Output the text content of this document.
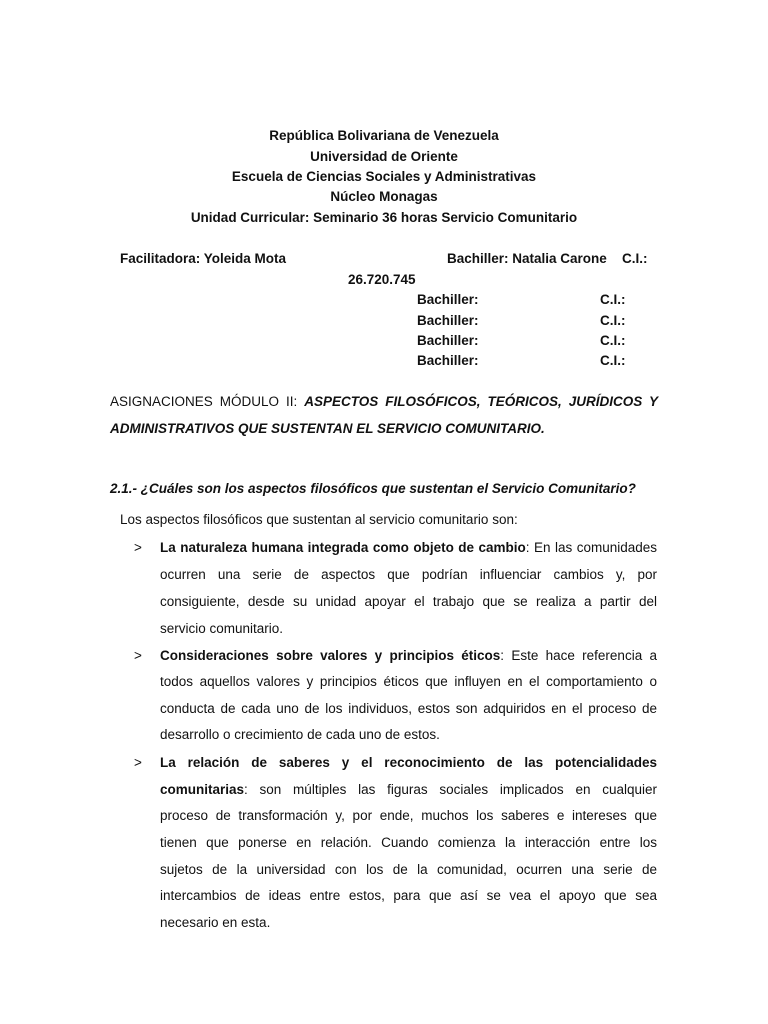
República Bolivariana de Venezuela
Universidad de Oriente
Escuela de Ciencias Sociales y Administrativas
Núcleo Monagas
Unidad Curricular: Seminario 36 horas Servicio Comunitario
Facilitadora: Yoleida Mota	Bachiller: Natalia Carone C.I.:
26.720.745
Bachiller:	C.I.:
Bachiller:	C.I.:
Bachiller:	C.I.:
Bachiller:	C.I.:
ASIGNACIONES MÓDULO II: ASPECTOS FILOSÓFICOS, TEÓRICOS, JURÍDICOS Y
ADMINISTRATIVOS QUE SUSTENTAN EL SERVICIO COMUNITARIO.
2.1.- ¿Cuáles son los aspectos filosóficos que sustentan el Servicio Comunitario?
Los aspectos filosóficos que sustentan al servicio comunitario son:
> La naturaleza humana integrada como objeto de cambio: En las comunidades
ocurren una serie de aspectos que podrían influenciar cambios y, por
consiguiente, desde su unidad apoyar el trabajo que se realiza a partir del
servicio comunitario.
> Consideraciones sobre valores y principios éticos: Este hace referencia a
todos aquellos valores y principios éticos que influyen en el comportamiento o
conducta de cada uno de los individuos, estos son adquiridos en el proceso de
desarrollo o crecimiento de cada uno de estos.
> La relación de saberes y el reconocimiento de las potencialidades
comunitarias: son múltiples las figuras sociales implicados en cualquier
proceso de transformación y, por ende, muchos los saberes e intereses que
tienen que ponerse en relación. Cuando comienza la interacción entre los
sujetos de la universidad con los de la comunidad, ocurren una serie de
intercambios de ideas entre estos, para que así se vea el apoyo que sea
necesario en esta.
